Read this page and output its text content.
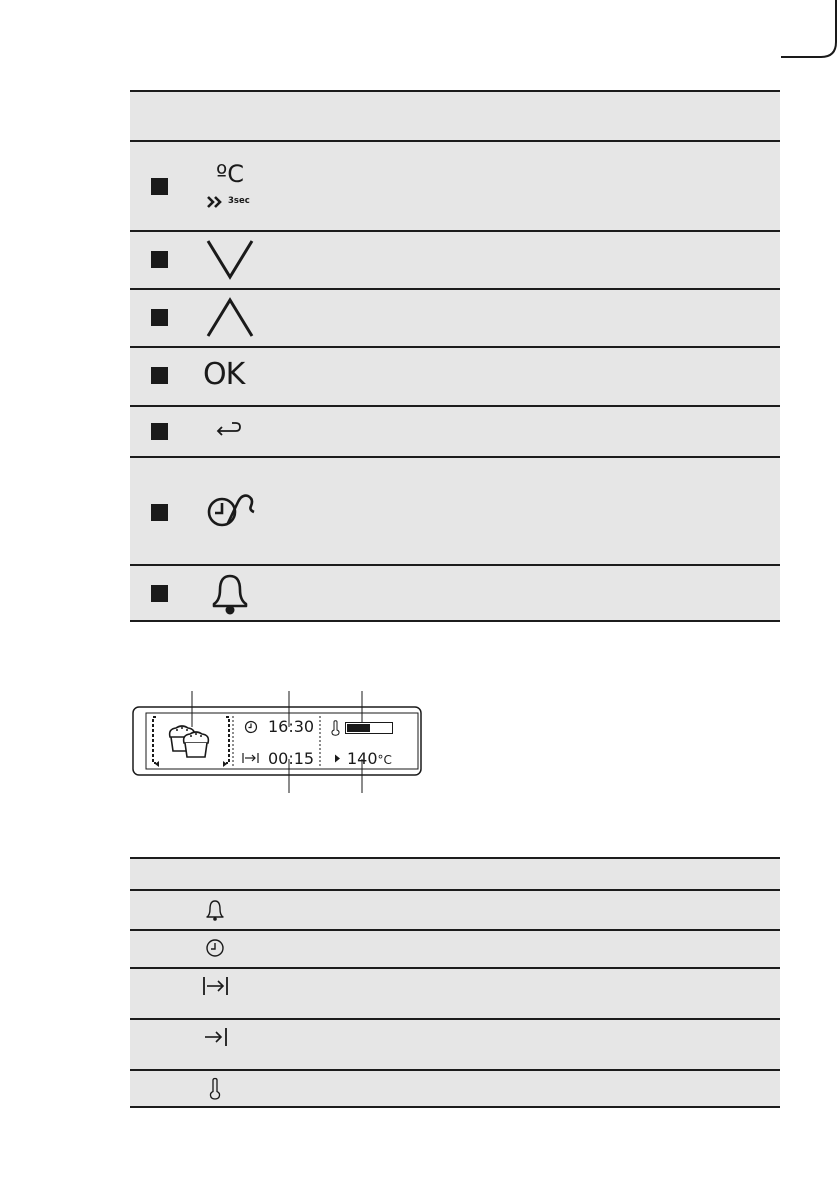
ºC
3sec
OK
16:30
00:15 140°C
